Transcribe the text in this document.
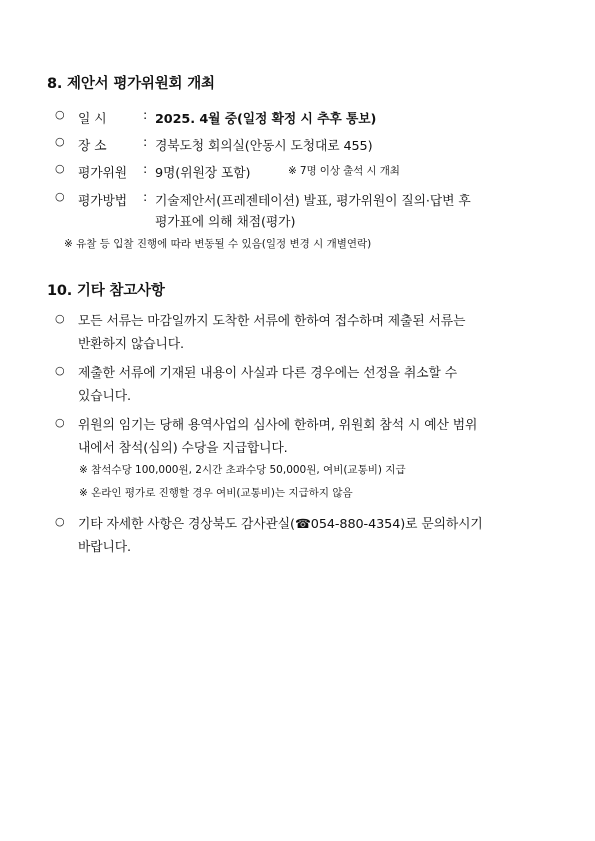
8. 제안서 평가위원회 개최
○	일 시	: 2025. 4월 중(일정 확정 시 추후 통보)
○	장 소	: 경북도청 회의실(안동시 도청대로 455)
○	평가위원 : 9명(위원장 포함)	※ 7명 이상 출석 시 개최
○	평가방법 : 기술제안서(프레젠테이션) 발표, 평가위원이 질의·답변 후
평가표에 의해 채점(평가)
※ 유찰 등 입찰 진행에 따라 변동될 수 있음(일정 변경 시 개별연락)
10. 기타 참고사항
○	모든 서류는 마감일까지 도착한 서류에 한하여 접수하며 제출된 서류는
반환하지 않습니다.
○	제출한 서류에 기재된 내용이 사실과 다른 경우에는 선정을 취소할 수
있습니다.
○	위원의 임기는 당해 용역사업의 심사에 한하며, 위원회 참석 시 예산 범위
내에서 참석(심의) 수당을 지급합니다.
※ 참석수당 100,000원, 2시간 초과수당 50,000원, 여비(교통비) 지급
※ 온라인 평가로 진행할 경우 여비(교통비)는 지급하지 않음
○	기타 자세한 사항은 경상북도 감사관실(☎054-880-4354)로 문의하시기
바랍니다.
